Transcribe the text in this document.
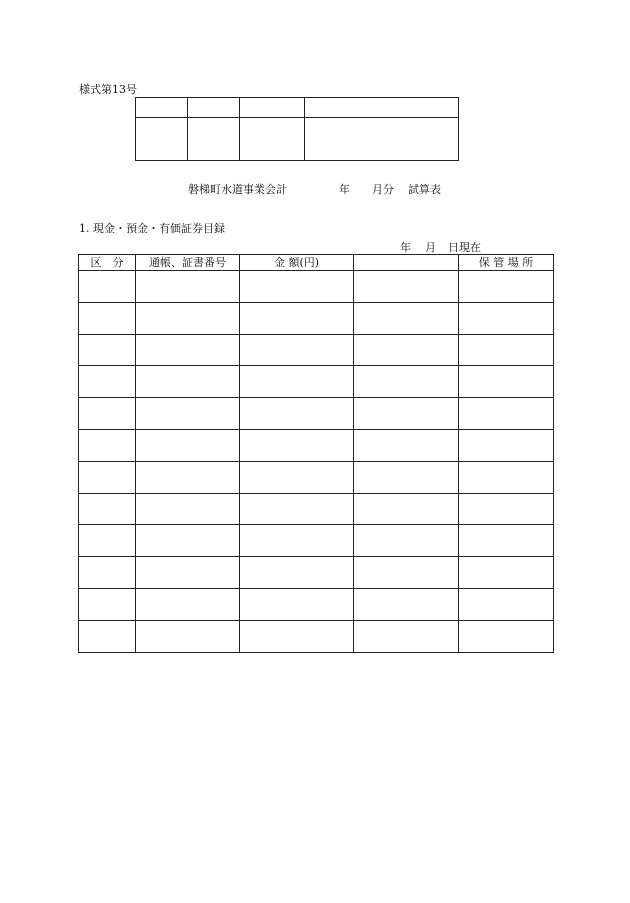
様式第13号

磐梯町水道事業会計	年 月分 試算表
1. 現金・預金・有価証券目録
年 月 日現在
区　分	通帳、証書番号	金 額(円)		保 管 場 所
